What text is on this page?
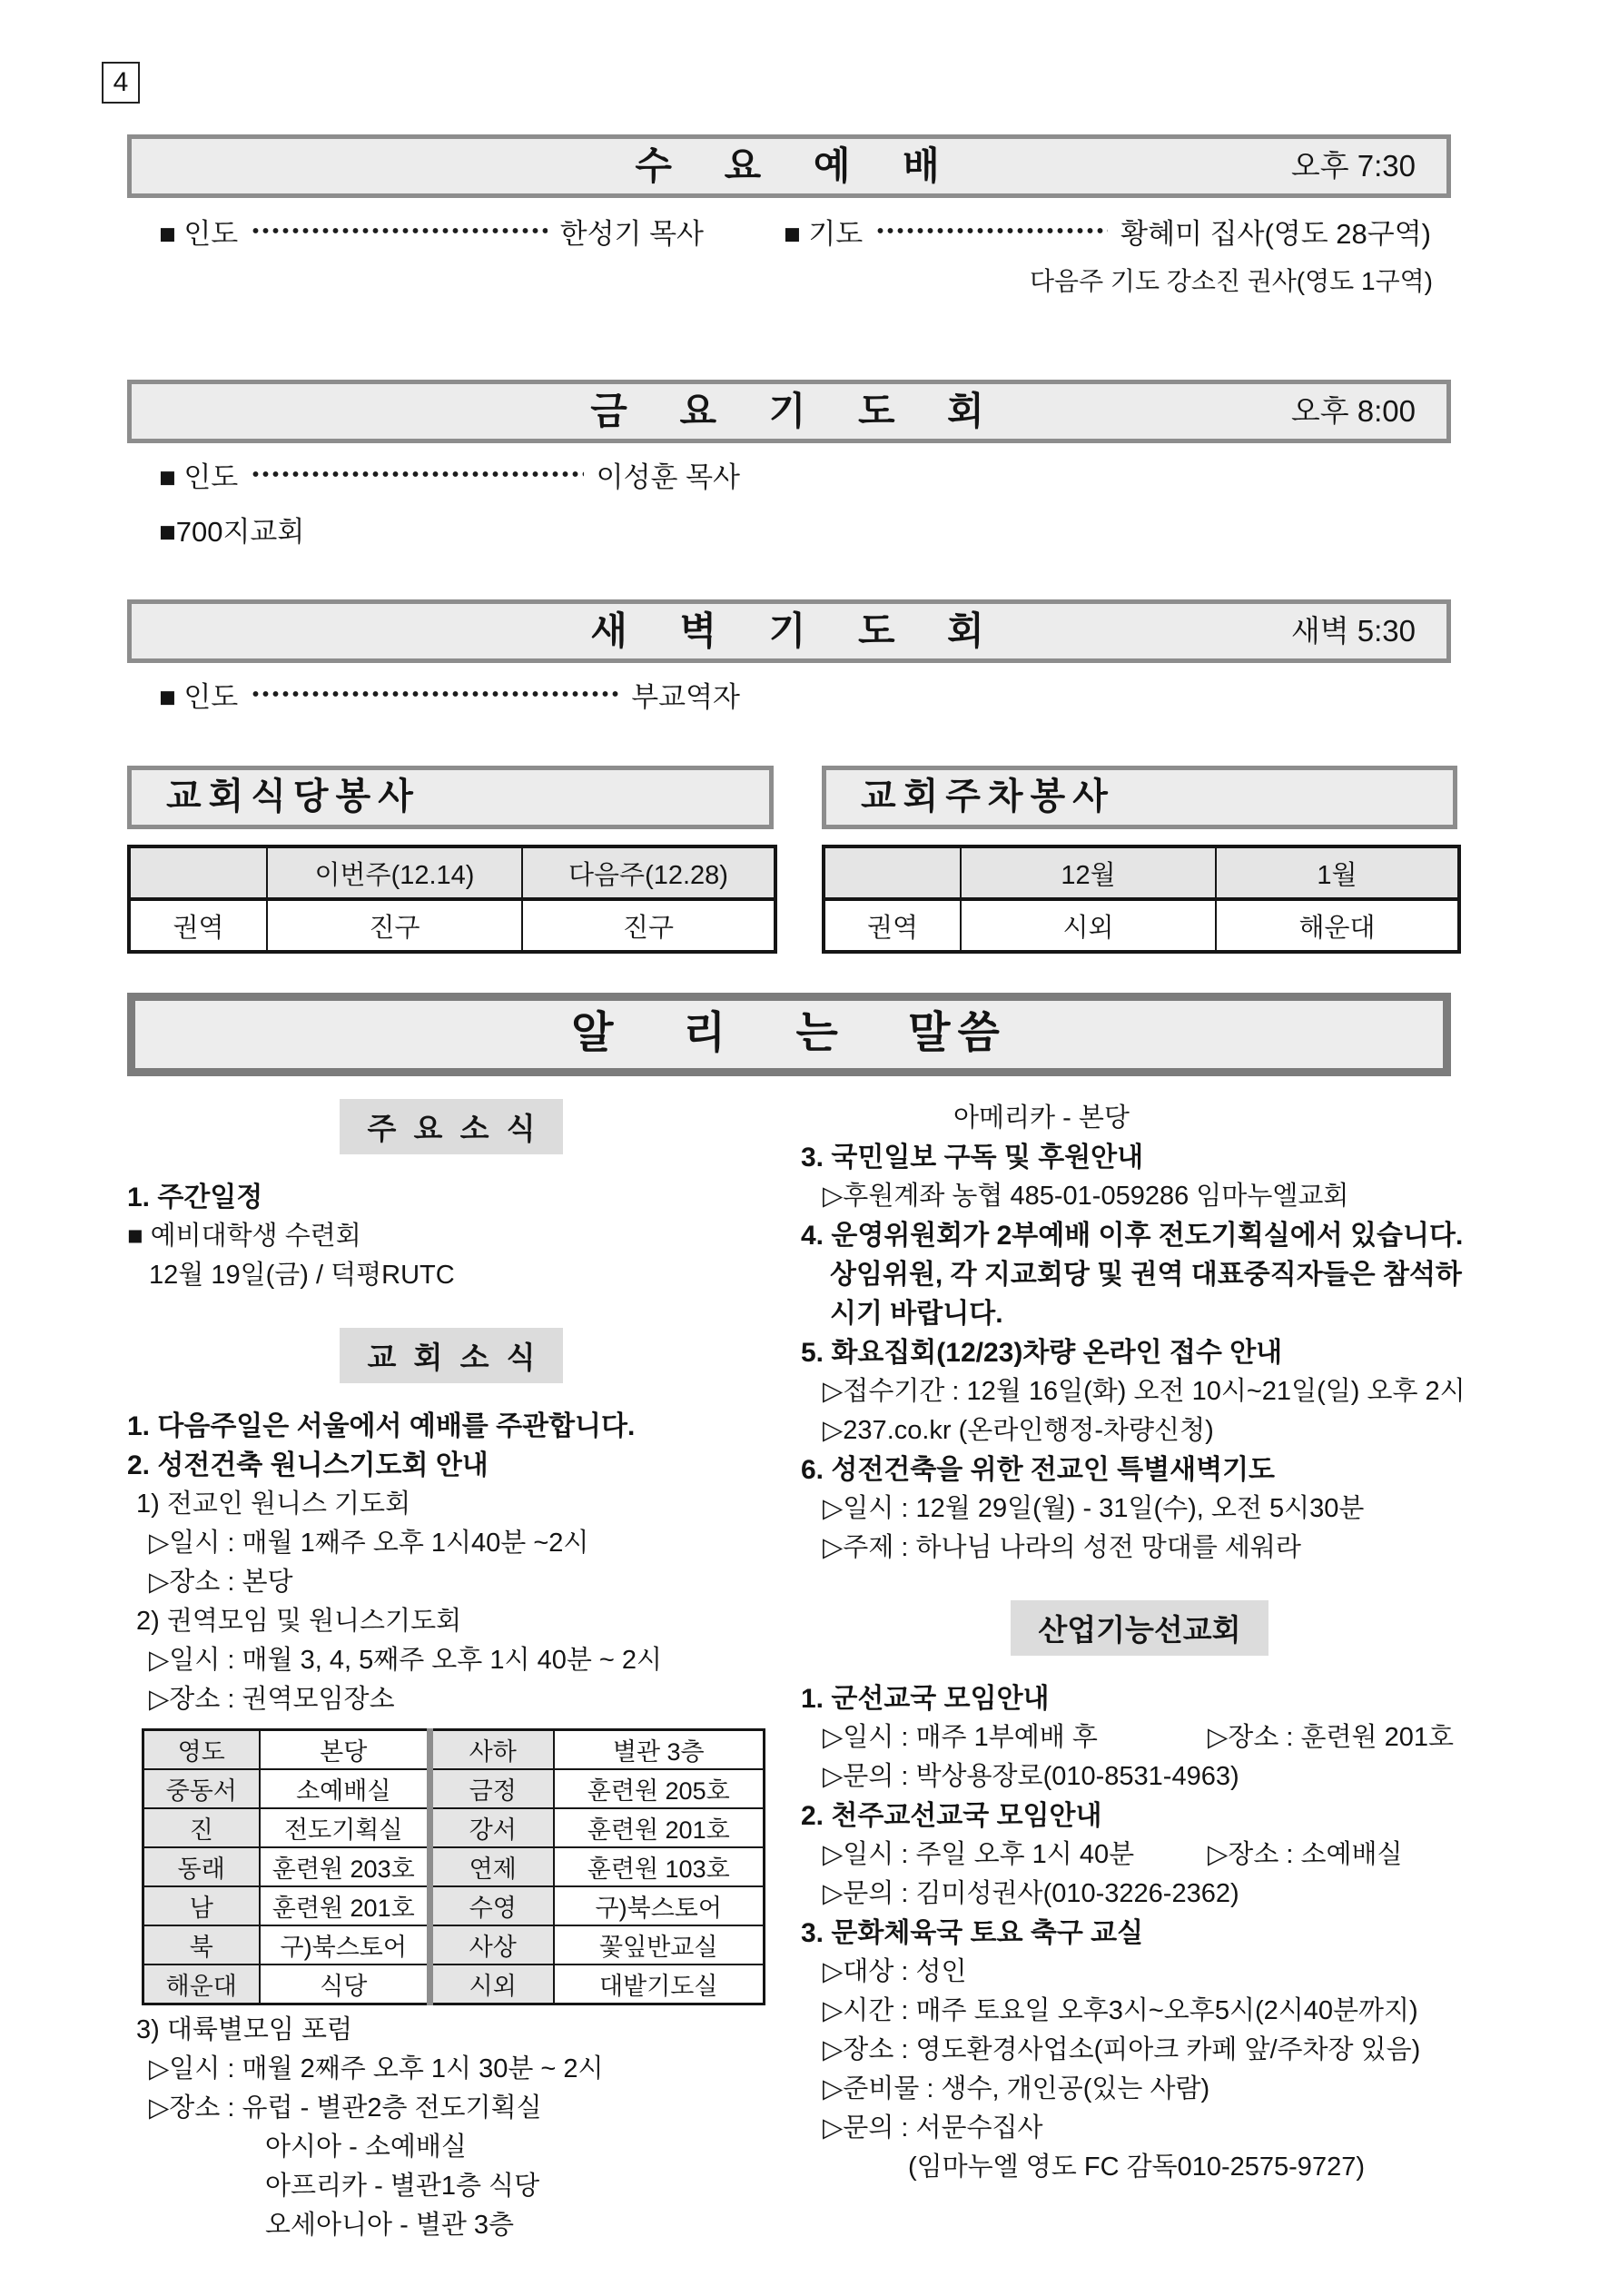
4
수 요 예 배	오후 7:30
■ 인도	한성기 목사	■ 기도	황혜미 집사(영도 28구역)
다음주 기도 강소진 권사(영도 1구역)
금 요 기 도 회	오후 8:00
■ 인도	이성훈 목사
■700지교회
새 벽 기 도 회	새벽 5:30
■ 인도	부교역자
교회식당봉사
	이번주(12.14)	다음주(12.28)
권역	진구	진구
교회주차봉사
	12월	1월
권역	시외	해운대
알 리 는 말씀
주 요 소 식
1. 주간일정
■ 예비대학생 수련회
12월 19일(금) / 덕평RUTC
교 회 소 식
1. 다음주일은 서울에서 예배를 주관합니다.
2. 성전건축 원니스기도회 안내
1) 전교인 원니스 기도회
▷일시 : 매월 1째주 오후 1시40분 ~2시
▷장소 : 본당
2) 권역모임 및 원니스기도회
▷일시 : 매월 3, 4, 5째주 오후 1시 40분 ~ 2시
▷장소 : 권역모임장소
영도	본당	사하	별관 3층
중동서	소예배실	금정	훈련원 205호
진	전도기획실	강서	훈련원 201호
동래	훈련원 203호	연제	훈련원 103호
남	훈련원 201호	수영	구)북스토어
북	구)북스토어	사상	꽃잎반교실
해운대	식당	시외	대밭기도실
3) 대륙별모임 포럼
▷일시 : 매월 2째주 오후 1시 30분 ~ 2시
▷장소 : 유럽 - 별관2층 전도기획실
아시아 - 소예배실
아프리카 - 별관1층 식당
오세아니아 - 별관 3층
아메리카 - 본당
3. 국민일보 구독 및 후원안내
▷후원계좌 농협 485-01-059286 임마누엘교회
4. 운영위원회가 2부예배 이후 전도기획실에서 있습니다.
상임위원, 각 지교회당 및 권역 대표중직자들은 참석하
시기 바랍니다.
5. 화요집회(12/23)차량 온라인 접수 안내
▷접수기간 : 12월 16일(화) 오전 10시~21일(일) 오후 2시
▷237.co.kr (온라인행정-차량신청)
6. 성전건축을 위한 전교인 특별새벽기도
▷일시 : 12월 29일(월) - 31일(수), 오전 5시30분
▷주제 : 하나님 나라의 성전 망대를 세워라
산업기능선교회
1. 군선교국 모임안내
▷일시 : 매주 1부예배 후	▷장소 : 훈련원 201호
▷문의 : 박상용장로(010-8531-4963)
2. 천주교선교국 모임안내
▷일시 : 주일 오후 1시 40분	▷장소 : 소예배실
▷문의 : 김미성권사(010-3226-2362)
3. 문화체육국 토요 축구 교실
▷대상 : 성인
▷시간 : 매주 토요일 오후3시~오후5시(2시40분까지)
▷장소 : 영도환경사업소(피아크 카페 앞/주차장 있음)
▷준비물 : 생수, 개인공(있는 사람)
▷문의 : 서문수집사
(임마누엘 영도 FC 감독010-2575-9727)
